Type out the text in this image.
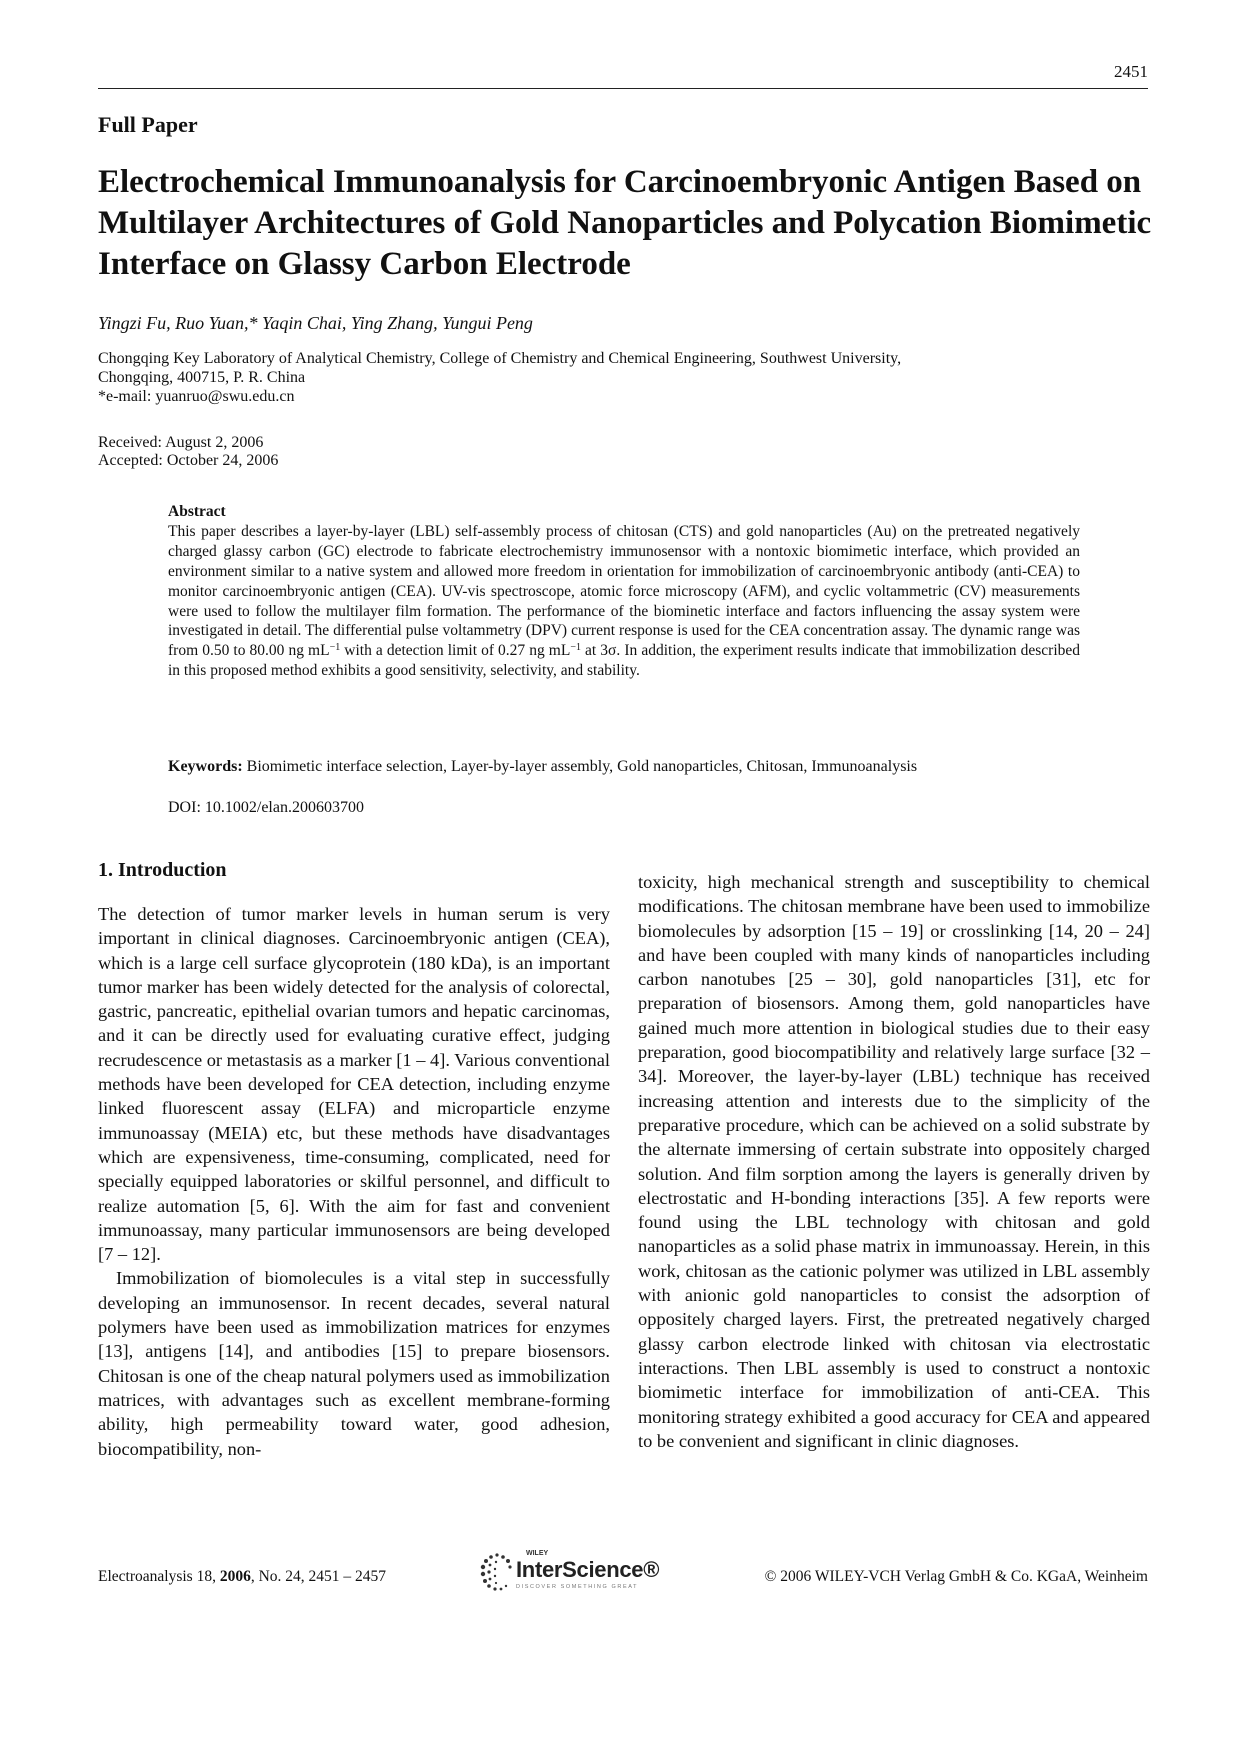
2451
Full Paper
Electrochemical Immunoanalysis for Carcinoembryonic Antigen Based on Multilayer Architectures of Gold Nanoparticles and Polycation Biomimetic Interface on Glassy Carbon Electrode
Yingzi Fu, Ruo Yuan,* Yaqin Chai, Ying Zhang, Yungui Peng
Chongqing Key Laboratory of Analytical Chemistry, College of Chemistry and Chemical Engineering, Southwest University,
Chongqing, 400715, P. R. China
*e-mail: yuanruo@swu.edu.cn
Received: August 2, 2006
Accepted: October 24, 2006
Abstract
This paper describes a layer-by-layer (LBL) self-assembly process of chitosan (CTS) and gold nanoparticles (Au) on the pretreated negatively charged glassy carbon (GC) electrode to fabricate electrochemistry immunosensor with a nontoxic biomimetic interface, which provided an environment similar to a native system and allowed more freedom in orientation for immobilization of carcinoembryonic antibody (anti-CEA) to monitor carcinoembryonic antigen (CEA). UV-vis spectroscope, atomic force microscopy (AFM), and cyclic voltammetric (CV) measurements were used to follow the multilayer film formation. The performance of the biominetic interface and factors influencing the assay system were investigated in detail. The differential pulse voltammetry (DPV) current response is used for the CEA concentration assay. The dynamic range was from 0.50 to 80.00 ng $mL^{-1}$ with a detection limit of 0.27 ng $mL^{-1}$ at 3σ. In addition, the experiment results indicate that immobilization described in this proposed method exhibits a good sensitivity, selectivity, and stability.
Keywords: Biomimetic interface selection, Layer-by-layer assembly, Gold nanoparticles, Chitosan, Immunoanalysis
DOI: 10.1002/elan.200603700
1. Introduction

The detection of tumor marker levels in human serum is very important in clinical diagnoses. Carcinoembryonic antigen (CEA), which is a large cell surface glycoprotein (180 kDa), is an important tumor marker has been widely detected for the analysis of colorectal, gastric, pancreatic, epithelial ovarian tumors and hepatic carcinomas, and it can be directly used for evaluating curative effect, judging recrudescence or metastasis as a marker [1 – 4]. Various conventional methods have been developed for CEA detection, including enzyme linked fluorescent assay (ELFA) and microparticle enzyme immunoassay (MEIA) etc, but these methods have disadvantages which are expensiveness, time-consuming, complicated, need for specially equipped laboratories or skilful personnel, and difficult to realize automation [5, 6]. With the aim for fast and convenient immunoassay, many particular immunosensors are being developed [7 – 12].

Immobilization of biomolecules is a vital step in successfully developing an immunosensor. In recent decades, several natural polymers have been used as immobilization matrices for enzymes [13], antigens [14], and antibodies [15] to prepare biosensors. Chitosan is one of the cheap natural polymers used as immobilization matrices, with advantages such as excellent membrane-forming ability, high permeability toward water, good adhesion, biocompatibility, non-

toxicity, high mechanical strength and susceptibility to chemical modifications. The chitosan membrane have been used to immobilize biomolecules by adsorption [15 – 19] or crosslinking [14, 20 – 24] and have been coupled with many kinds of nanoparticles including carbon nanotubes [25 – 30], gold nanoparticles [31], etc for preparation of biosensors. Among them, gold nanoparticles have gained much more attention in biological studies due to their easy preparation, good biocompatibility and relatively large surface [32 – 34]. Moreover, the layer-by-layer (LBL) technique has received increasing attention and interests due to the simplicity of the preparative procedure, which can be achieved on a solid substrate by the alternate immersing of certain substrate into oppositely charged solution. And film sorption among the layers is generally driven by electrostatic and H-bonding interactions [35]. A few reports were found using the LBL technology with chitosan and gold nanoparticles as a solid phase matrix in immunoassay. Herein, in this work, chitosan as the cationic polymer was utilized in LBL assembly with anionic gold nanoparticles to consist the adsorption of oppositely charged layers. First, the pretreated negatively charged glassy carbon electrode linked with chitosan via electrostatic interactions. Then LBL assembly is used to construct a nontoxic biomimetic interface for immobilization of anti-CEA. This monitoring strategy exhibited a good accuracy for CEA and appeared to be convenient and significant in clinic diagnoses.

Electroanalysis 18, 2006, No. 24, 2451 – 2457
WILEY
InterScience®
DISCOVER SOMETHING GREAT
© 2006 WILEY-VCH Verlag GmbH & Co. KGaA, Weinheim
